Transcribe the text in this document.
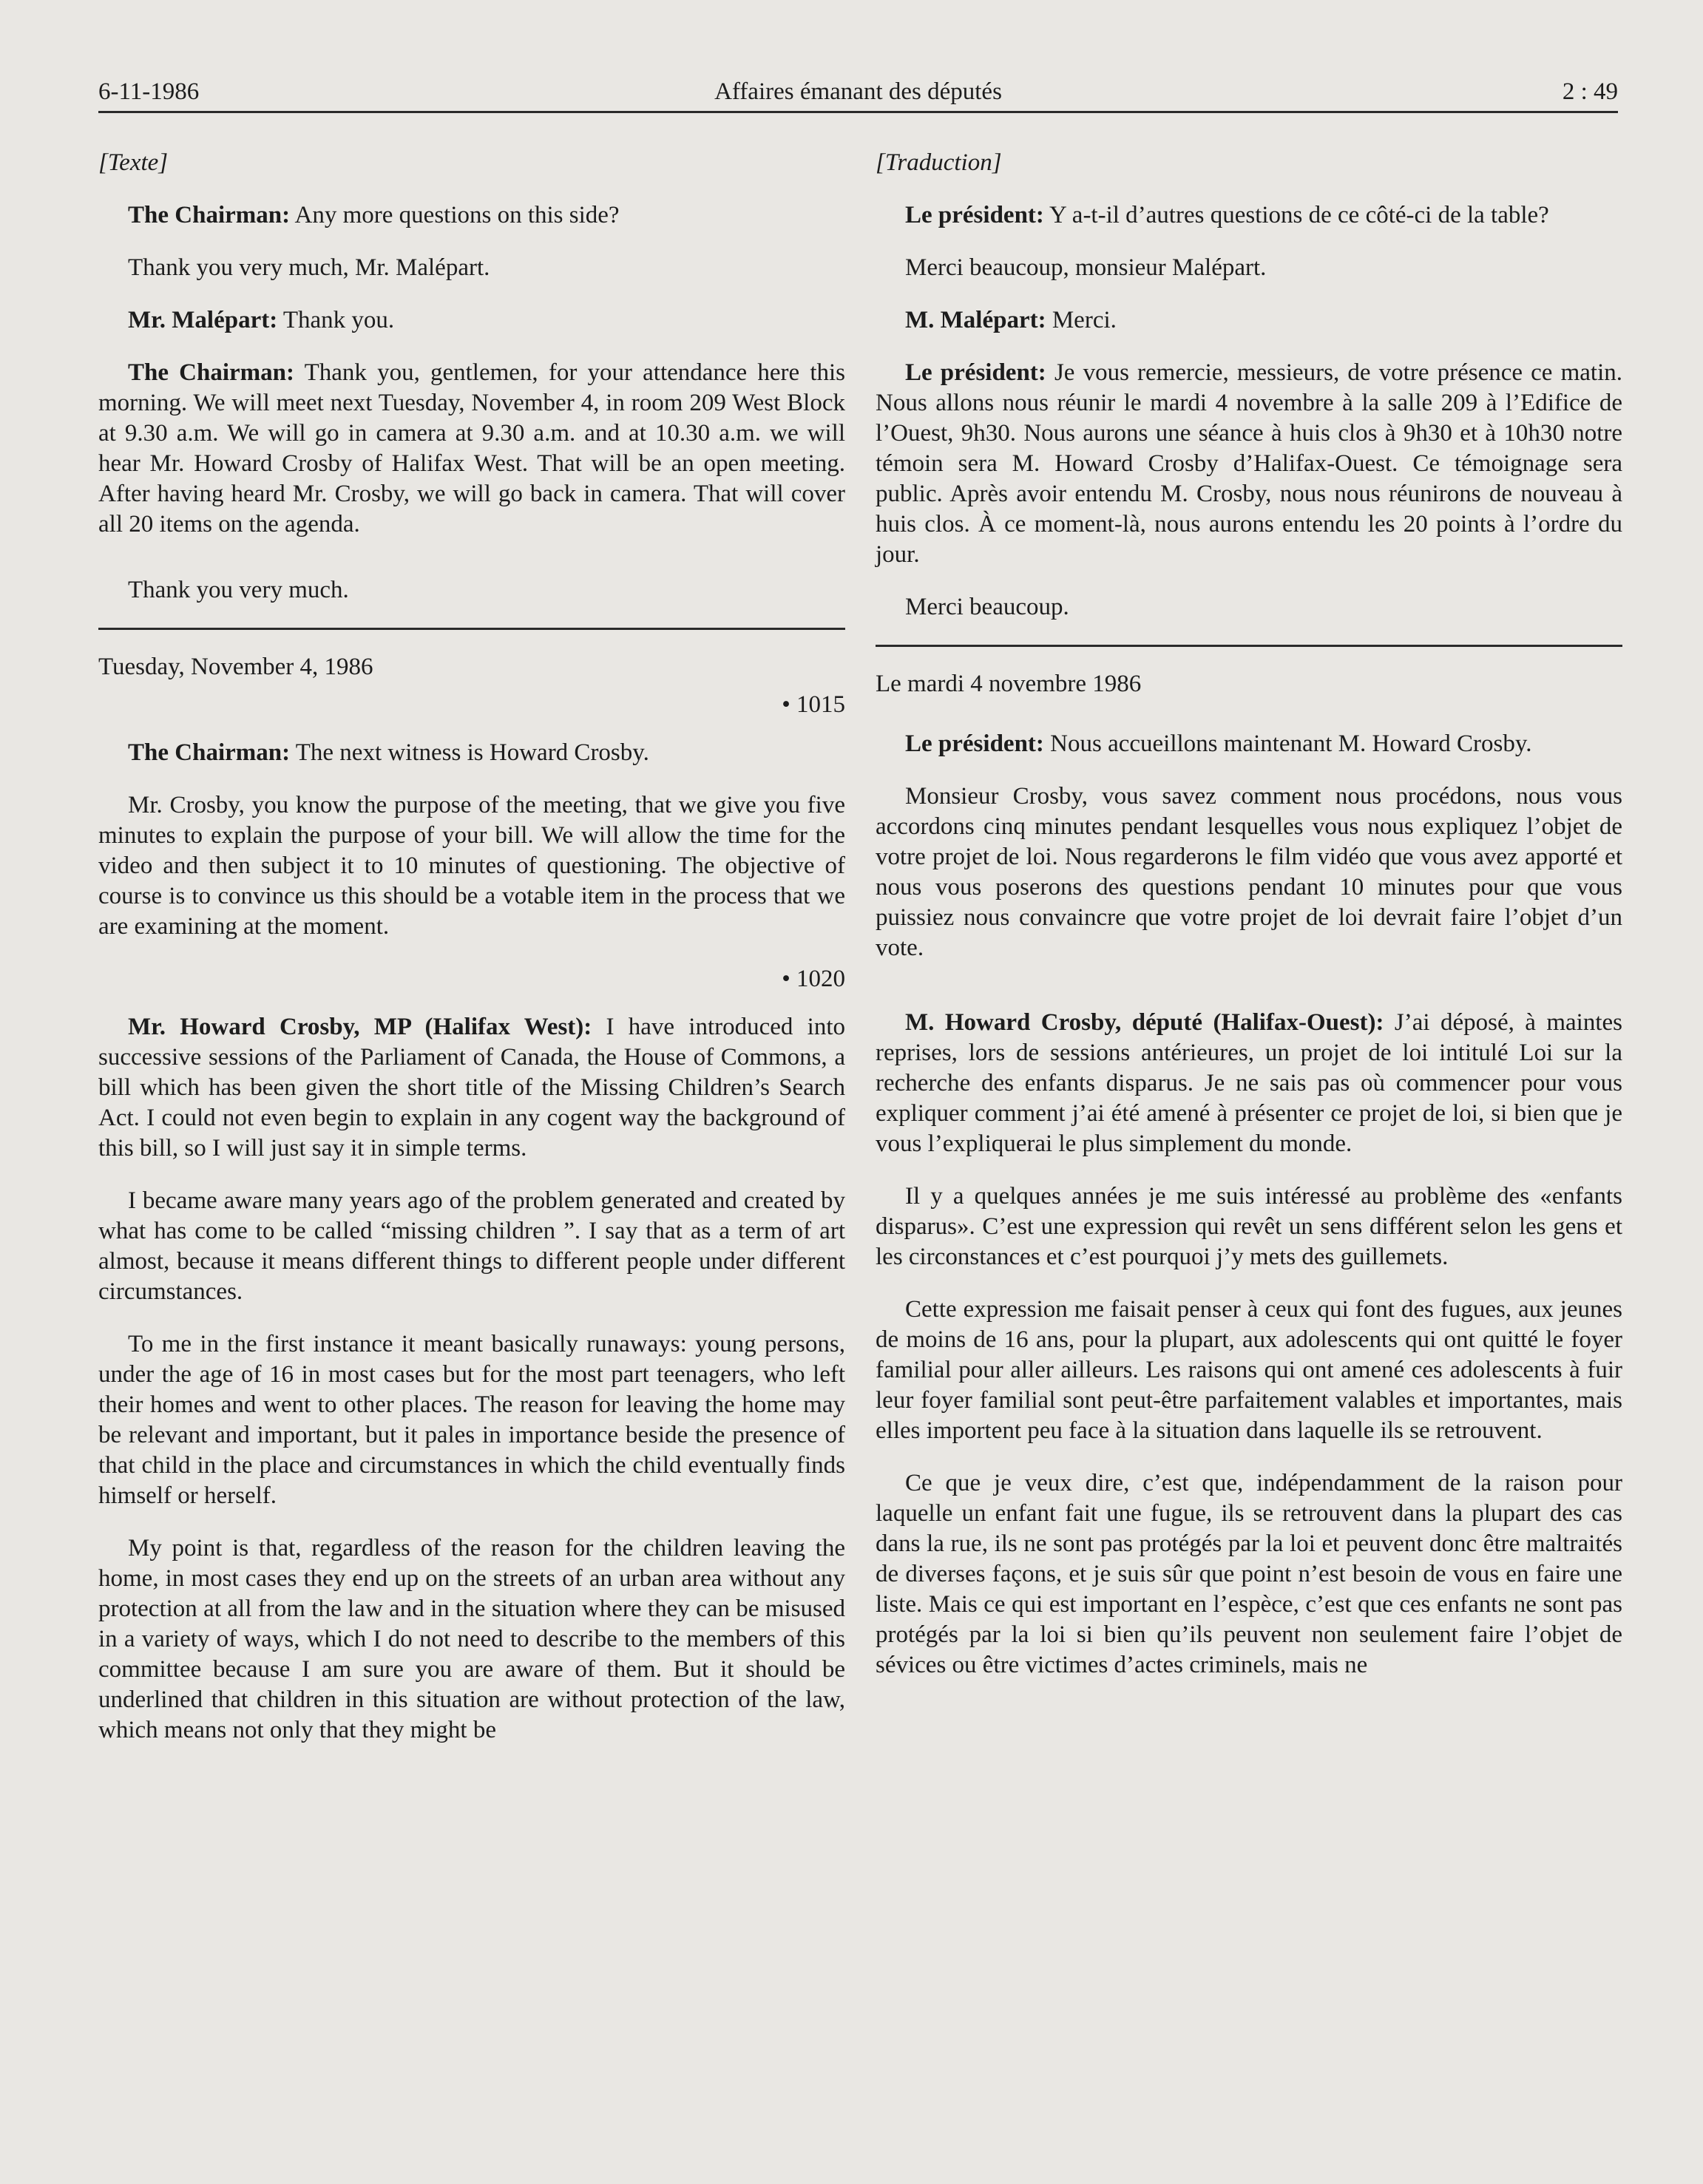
6-11-1986	Affaires émanant des députés	2 : 49

[Texte]

The Chairman: Any more questions on this side?

Thank you very much, Mr. Malépart.

Mr. Malépart: Thank you.

The Chairman: Thank you, gentlemen, for your attendance here this morning. We will meet next Tuesday, November 4, in room 209 West Block at 9.30 a.m. We will go in camera at 9.30 a.m. and at 10.30 a.m. we will hear Mr. Howard Crosby of Halifax West. That will be an open meeting. After having heard Mr. Crosby, we will go back in camera. That will cover all 20 items on the agenda.

Thank you very much.

Tuesday, November 4, 1986
• 1015

The Chairman: The next witness is Howard Crosby.

Mr. Crosby, you know the purpose of the meeting, that we give you five minutes to explain the purpose of your bill. We will allow the time for the video and then subject it to 10 minutes of questioning. The objective of course is to convince us this should be a votable item in the process that we are examining at the moment.

• 1020

Mr. Howard Crosby, MP (Halifax West): I have introduced into successive sessions of the Parliament of Canada, the House of Commons, a bill which has been given the short title of the Missing Children’s Search Act. I could not even begin to explain in any cogent way the background of this bill, so I will just say it in simple terms.

I became aware many years ago of the problem generated and created by what has come to be called “missing children ”. I say that as a term of art almost, because it means different things to different people under different circumstances.

To me in the first instance it meant basically runaways: young persons, under the age of 16 in most cases but for the most part teenagers, who left their homes and went to other places. The reason for leaving the home may be relevant and important, but it pales in importance beside the presence of that child in the place and circumstances in which the child eventually finds himself or herself.

My point is that, regardless of the reason for the children leaving the home, in most cases they end up on the streets of an urban area without any protection at all from the law and in the situation where they can be misused in a variety of ways, which I do not need to describe to the members of this committee because I am sure you are aware of them. But it should be underlined that children in this situation are without protection of the law, which means not only that they might be

[Traduction]

Le président: Y a-t-il d’autres questions de ce côté-ci de la table?

Merci beaucoup, monsieur Malépart.

M. Malépart: Merci.

Le président: Je vous remercie, messieurs, de votre présence ce matin. Nous allons nous réunir le mardi 4 novembre à la salle 209 à l’Edifice de l’Ouest, 9h30. Nous aurons une séance à huis clos à 9h30 et à 10h30 notre témoin sera M. Howard Crosby d’Halifax-Ouest. Ce témoignage sera public. Après avoir entendu M. Crosby, nous nous réunirons de nouveau à huis clos. À ce moment-là, nous aurons entendu les 20 points à l’ordre du jour.

Merci beaucoup.

Le mardi 4 novembre 1986

Le président: Nous accueillons maintenant M. Howard Crosby.

Monsieur Crosby, vous savez comment nous procédons, nous vous accordons cinq minutes pendant lesquelles vous nous expliquez l’objet de votre projet de loi. Nous regarderons le film vidéo que vous avez apporté et nous vous poserons des questions pendant 10 minutes pour que vous puissiez nous convaincre que votre projet de loi devrait faire l’objet d’un vote.

M. Howard Crosby, député (Halifax-Ouest): J’ai déposé, à maintes reprises, lors de sessions antérieures, un projet de loi intitulé Loi sur la recherche des enfants disparus. Je ne sais pas où commencer pour vous expliquer comment j’ai été amené à présenter ce projet de loi, si bien que je vous l’expliquerai le plus simplement du monde.

Il y a quelques années je me suis intéressé au problème des «enfants disparus». C’est une expression qui revêt un sens différent selon les gens et les circonstances et c’est pourquoi j’y mets des guillemets.

Cette expression me faisait penser à ceux qui font des fugues, aux jeunes de moins de 16 ans, pour la plupart, aux adolescents qui ont quitté le foyer familial pour aller ailleurs. Les raisons qui ont amené ces adolescents à fuir leur foyer familial sont peut-être parfaitement valables et importantes, mais elles importent peu face à la situation dans laquelle ils se retrouvent.

Ce que je veux dire, c’est que, indépendamment de la raison pour laquelle un enfant fait une fugue, ils se retrouvent dans la plupart des cas dans la rue, ils ne sont pas protégés par la loi et peuvent donc être maltraités de diverses façons, et je suis sûr que point n’est besoin de vous en faire une liste. Mais ce qui est important en l’espèce, c’est que ces enfants ne sont pas protégés par la loi si bien qu’ils peuvent non seulement faire l’objet de sévices ou être victimes d’actes criminels, mais ne
